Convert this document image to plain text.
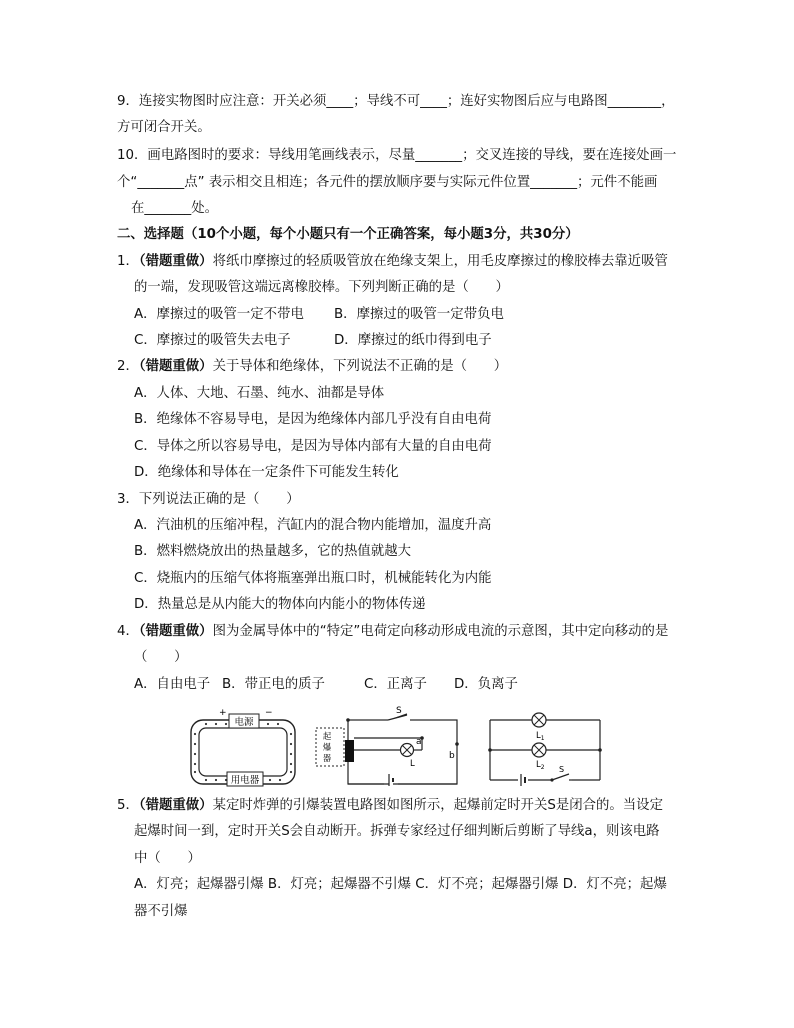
9．连接实物图时应注意：开关必须____；导线不可____；连好实物图后应与电路图________，
方可闭合开关。
10．画电路图时的要求：导线用笔画线表示，尽量_______；交叉连接的导线，要在连接处画一
个“_______点” 表示相交且相连；各元件的摆放顺序要与实际元件位置_______；元件不能画
在_______处。
二、选择题（10个小题，每个小题只有一个正确答案，每小题3分，共30分）
1．（错题重做）将纸巾摩擦过的轻质吸管放在绝缘支架上，用毛皮摩擦过的橡胶棒去靠近吸管
的一端，发现吸管这端远离橡胶棒。下列判断正确的是（　　）
A．摩擦过的吸管一定不带电 B．摩擦过的吸管一定带负电
C．摩擦过的吸管失去电子	D．摩擦过的纸巾得到电子
2．（错题重做）关于导体和绝缘体，下列说法不正确的是（　　）
A．人体、大地、石墨、纯水、油都是导体
B．绝缘体不容易导电，是因为绝缘体内部几乎没有自由电荷
C．导体之所以容易导电，是因为导体内部有大量的自由电荷
D．绝缘体和导体在一定条件下可能发生转化
3．下列说法正确的是（　　）
A．汽油机的压缩冲程，汽缸内的混合物内能增加，温度升高
B．燃料燃烧放出的热量越多，它的热值就越大
C．烧瓶内的压缩气体将瓶塞弹出瓶口时，机械能转化为内能
D．热量总是从内能大的物体向内能小的物体传递
4．（错题重做）图为金属导体中的“特定”电荷定向移动形成电流的示意图，其中定向移动的是
（　　）
A．自由电子 B．带正电的质子	C．正离子 D．负离子
电源
+	−
用电器
S
起
爆
器
a
L
b
$L_1$
$L_2$ S
5．（错题重做）某定时炸弹的引爆装置电路图如图所示，起爆前定时开关S是闭合的。当设定
起爆时间一到，定时开关S会自动断开。拆弹专家经过仔细判断后剪断了导线a，则该电路
中（　　）
A．灯亮；起爆器引爆 B．灯亮；起爆器不引爆 C．灯不亮；起爆器引爆 D．灯不亮；起爆
器不引爆
